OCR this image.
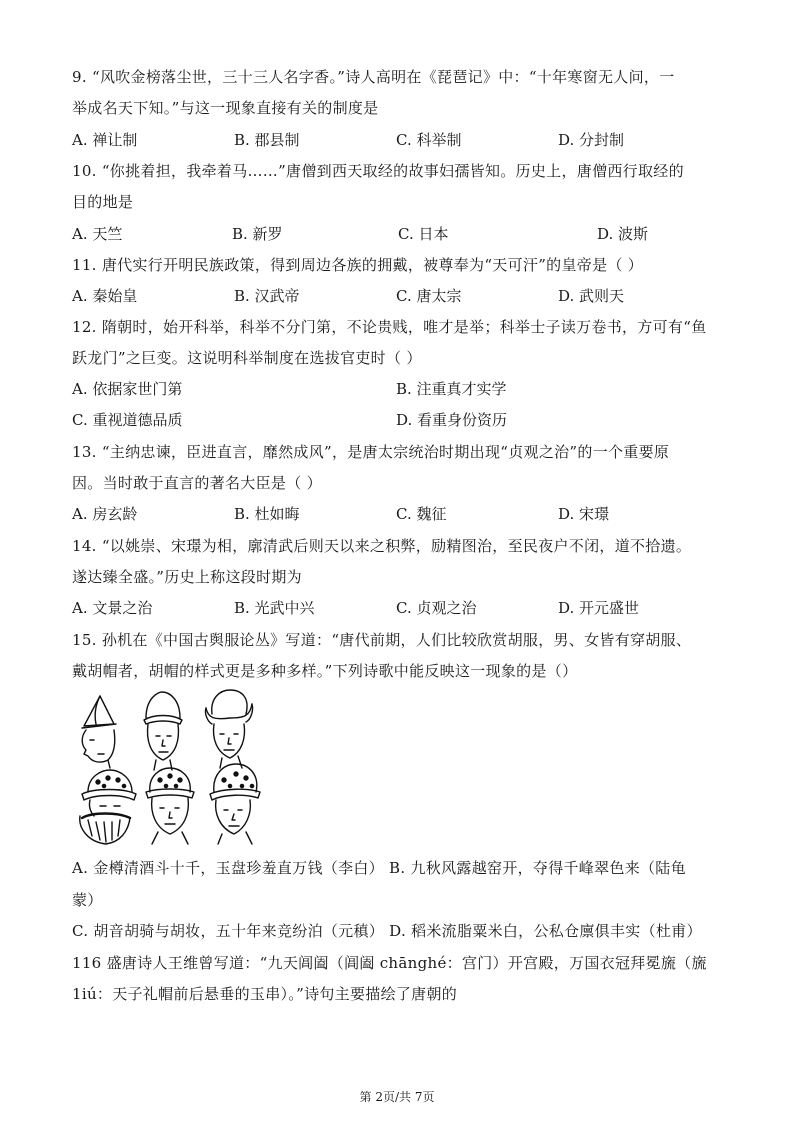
9. “风吹金榜落尘世，三十三人名字香。”诗人高明在《琵琶记》中：“十年寒窗无人问，一
举成名天下知。”与这一现象直接有关的制度是
A. 禅让制	B. 郡县制	C. 科举制	D. 分封制
10. “你挑着担，我牵着马……”唐僧到西天取经的故事妇孺皆知。历史上，唐僧西行取经的
目的地是
A. 天竺	B. 新罗	C. 日本	D. 波斯
11. 唐代实行开明民族政策，得到周边各族的拥戴，被尊奉为“天可汗”的皇帝是（ ）
A. 秦始皇	B. 汉武帝	C. 唐太宗	D. 武则天
12. 隋朝时，始开科举，科举不分门第，不论贵贱，唯才是举；科举士子读万卷书，方可有“鱼
跃龙门”之巨变。这说明科举制度在选拔官吏时（ ）
A. 依据家世门第	B. 注重真才实学
C. 重视道德品质	D. 看重身份资历
13. “主纳忠谏，臣进直言，靡然成风”，是唐太宗统治时期出现“贞观之治”的一个重要原
因。当时敢于直言的著名大臣是（ ）
A. 房玄龄	B. 杜如晦	C. 魏征	D. 宋璟
14. “以姚崇、宋璟为相，廓清武后则天以来之积弊，励精图治，至民夜户不闭，道不拾遗。
遂达臻全盛。”历史上称这段时期为
A. 文景之治	B. 光武中兴	C. 贞观之治	D. 开元盛世
15. 孙机在《中国古舆服论丛》写道：“唐代前期，人们比较欣赏胡服，男、女皆有穿胡服、
戴胡帽者，胡帽的样式更是多种多样。”下列诗歌中能反映这一现象的是（）
A. 金樽清酒斗十千，玉盘珍羞直万钱（李白） B. 九秋风露越窑开，夺得千峰翠色来（陆龟
蒙）
C. 胡音胡骑与胡妆，五十年来竞纷泊（元稹） D. 稻米流脂粟米白，公私仓廪俱丰实（杜甫）
116 盛唐诗人王维曾写道：“九天阊阖（阊阖 chānghé：宫门）开宫殿，万国衣冠拜冕旒（旒
1iú：天子礼帽前后悬垂的玉串）。”诗句主要描绘了唐朝的
第 2页/共 7页
